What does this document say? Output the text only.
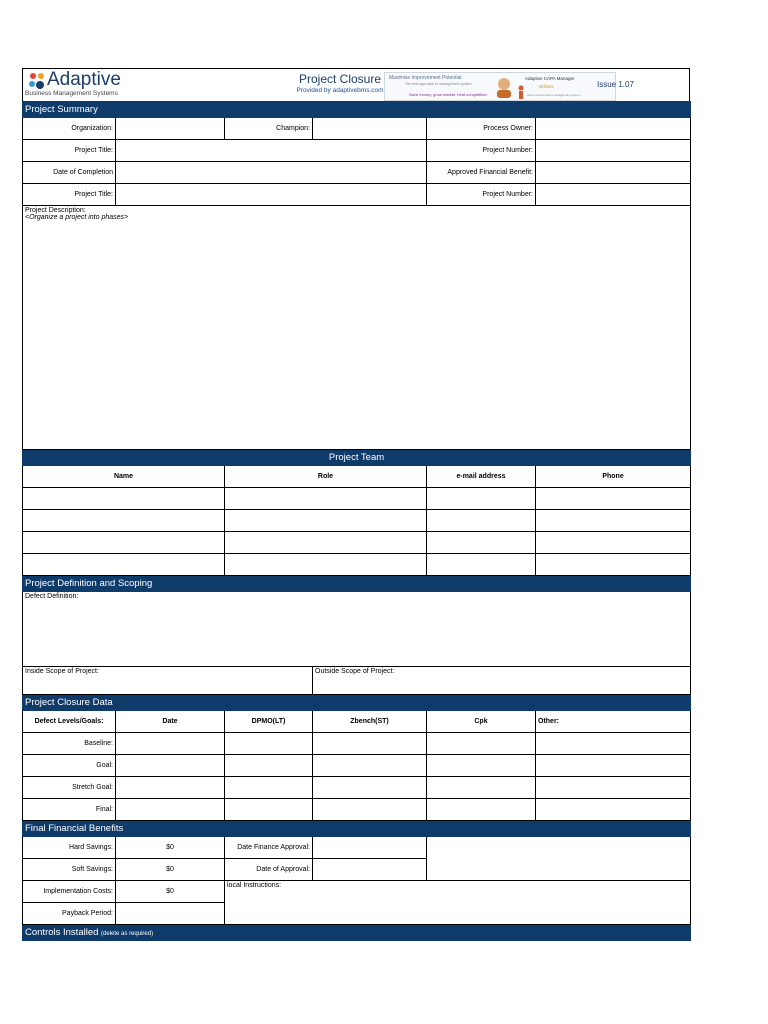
Adaptive
Business Management Systems
Project Closure
Provided by adaptivebms.com
Maximise Improvement Potential
The best approach to management system
Save money, grow market, beat competition
Adaptive CAPA Manager
Brilliant
www.improvement-management-system
Issue 1.07
Project Summary					
Organization:		Champion:		Process Owner:	
Project Title:				Project Number:	
Date of Completion				Approved Financial Benefit:	
Project Title:				Project Number:	

Project Description:
<Organize a project into phases>					

Project Team					
Name		Role		e-mail address	Phone

Project Definition and Scoping					

Defect Definition:					

Inside Scope of Project:			Outside Scope of Project:		

Project Closure Data					
Defect Levels/Goals:	Date	DPMO(LT)	Zbench(ST)	Cpk	Other:
Baseline:					
Goal:					
Stretch Goal:					
Final:					
Final Financial Benefits					
Hard Savings:	$0	Date Finance Approval:			
Soft Savings:	$0	Date of Approval:			
Implementation Costs:	$0	local Instructions:			

Payback Period:					
Controls Installed (delete as required)					
